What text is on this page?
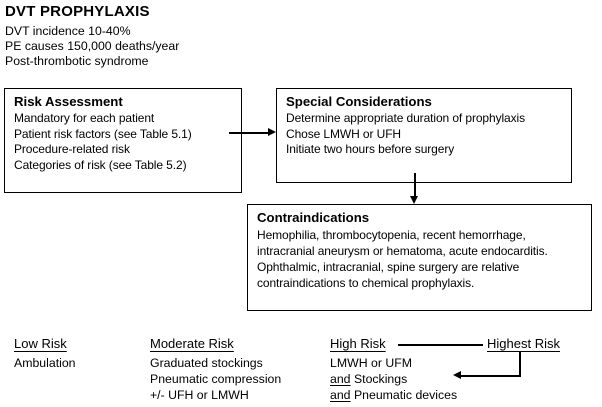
DVT PROPHYLAXIS
DVT incidence 10-40%
PE causes 150,000 deaths/year
Post-thrombotic syndrome
Risk Assessment
Mandatory for each patient
Patient risk factors (see Table 5.1)
Procedure-related risk
Categories of risk (see Table 5.2)
Special Considerations
Determine appropriate duration of prophylaxis
Chose LMWH or UFH
Initiate two hours before surgery
Contraindications
Hemophilia, thrombocytopenia, recent hemorrhage, intracranial aneurysm or hematoma, acute endocarditis. Ophthalmic, intracranial, spine surgery are relative contraindications to chemical prophylaxis.
Low Risk
Ambulation
Moderate Risk
Graduated stockings
Pneumatic compression
+/- UFH or LMWH
High Risk
LMWH or UFM
and Stockings
and Pneumatic devices
Highest Risk
